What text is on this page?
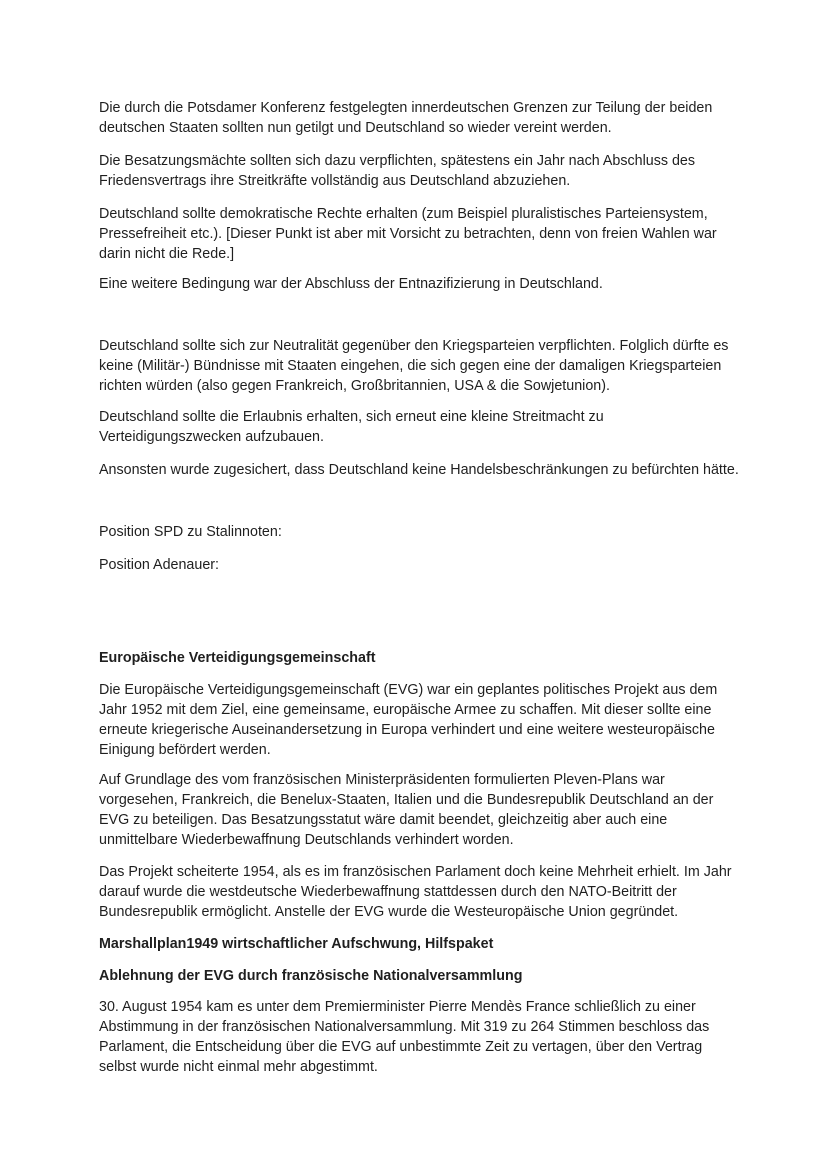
Die durch die Potsdamer Konferenz festgelegten innerdeutschen Grenzen zur Teilung der beiden deutschen Staaten sollten nun getilgt und Deutschland so wieder vereint werden.

Die Besatzungsmächte sollten sich dazu verpflichten, spätestens ein Jahr nach Abschluss des Friedensvertrags ihre Streitkräfte vollständig aus Deutschland abzuziehen.

Deutschland sollte demokratische Rechte erhalten (zum Beispiel pluralistisches Parteiensystem, Pressefreiheit etc.). [Dieser Punkt ist aber mit Vorsicht zu betrachten, denn von freien Wahlen war darin nicht die Rede.]

Eine weitere Bedingung war der Abschluss der Entnazifizierung in Deutschland.

Deutschland sollte sich zur Neutralität gegenüber den Kriegsparteien verpflichten. Folglich dürfte es keine (Militär-) Bündnisse mit Staaten eingehen, die sich gegen eine der damaligen Kriegsparteien richten würden (also gegen Frankreich, Großbritannien, USA & die Sowjetunion).

Deutschland sollte die Erlaubnis erhalten, sich erneut eine kleine Streitmacht zu Verteidigungszwecken aufzubauen.

Ansonsten wurde zugesichert, dass Deutschland keine Handelsbeschränkungen zu befürchten hätte.

Position SPD zu Stalinnoten:

Position Adenauer:

Europäische Verteidigungsgemeinschaft

Die Europäische Verteidigungsgemeinschaft (EVG) war ein geplantes politisches Projekt aus dem Jahr 1952 mit dem Ziel, eine gemeinsame, europäische Armee zu schaffen. Mit dieser sollte eine erneute kriegerische Auseinandersetzung in Europa verhindert und eine weitere westeuropäische Einigung befördert werden.

Auf Grundlage des vom französischen Ministerpräsidenten formulierten Pleven-Plans war vorgesehen, Frankreich, die Benelux-Staaten, Italien und die Bundesrepublik Deutschland an der EVG zu beteiligen. Das Besatzungsstatut wäre damit beendet, gleichzeitig aber auch eine unmittelbare Wiederbewaffnung Deutschlands verhindert worden.

Das Projekt scheiterte 1954, als es im französischen Parlament doch keine Mehrheit erhielt. Im Jahr darauf wurde die westdeutsche Wiederbewaffnung stattdessen durch den NATO-Beitritt der Bundesrepublik ermöglicht. Anstelle der EVG wurde die Westeuropäische Union gegründet.

Marshallplan1949 wirtschaftlicher Aufschwung, Hilfspaket

Ablehnung der EVG durch französische Nationalversammlung

30. August 1954 kam es unter dem Premierminister Pierre Mendès France schließlich zu einer Abstimmung in der französischen Nationalversammlung. Mit 319 zu 264 Stimmen beschloss das Parlament, die Entscheidung über die EVG auf unbestimmte Zeit zu vertagen, über den Vertrag selbst wurde nicht einmal mehr abgestimmt.
